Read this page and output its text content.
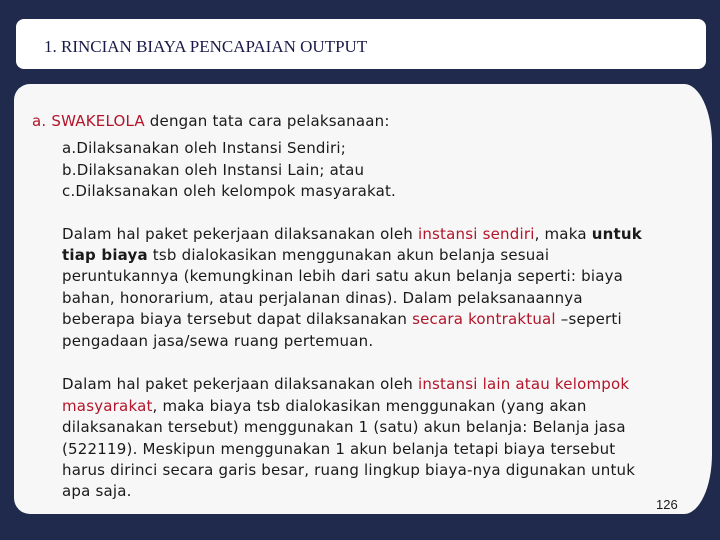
1. RINCIAN BIAYA PENCAPAIAN OUTPUT
a. SWAKELOLA dengan tata cara pelaksanaan:
a.Dilaksanakan oleh Instansi Sendiri;
b.Dilaksanakan oleh Instansi Lain; atau
c.Dilaksanakan oleh kelompok masyarakat.
Dalam hal paket pekerjaan dilaksanakan oleh instansi sendiri, maka untuk
tiap biaya tsb dialokasikan menggunakan akun belanja sesuai
peruntukannya (kemungkinan lebih dari satu akun belanja seperti: biaya
bahan, honorarium, atau perjalanan dinas). Dalam pelaksanaannya
beberapa biaya tersebut dapat dilaksanakan secara kontraktual –seperti
pengadaan jasa/sewa ruang pertemuan.
Dalam hal paket pekerjaan dilaksanakan oleh instansi lain atau kelompok
masyarakat, maka biaya tsb dialokasikan menggunakan (yang akan
dilaksanakan tersebut) menggunakan 1 (satu) akun belanja: Belanja jasa
(522119). Meskipun menggunakan 1 akun belanja tetapi biaya tersebut
harus dirinci secara garis besar, ruang lingkup biaya-nya digunakan untuk
apa saja.
126
